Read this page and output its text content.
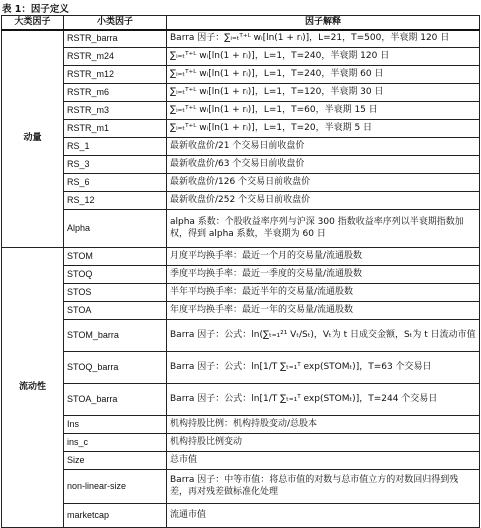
表 1：因子定义
大类因子	小类因子	因子解释
动量	RSTR_barra	Barra 因子：∑ᵢ₌ₜᵀ⁺ᴸ wᵢ[ln(1 + rᵢ)]，L=21，T=500，半衰期 120 日
	RSTR_m24	∑ᵢ₌ₜᵀ⁺ᴸ wᵢ[ln(1 + rᵢ)]，L=1，T=240，半衰期 120 日
	RSTR_m12	∑ᵢ₌ₜᵀ⁺ᴸ wᵢ[ln(1 + rᵢ)]，L=1，T=240，半衰期 60 日
	RSTR_m6	∑ᵢ₌ₜᵀ⁺ᴸ wᵢ[ln(1 + rᵢ)]，L=1，T=120，半衰期 30 日
	RSTR_m3	∑ᵢ₌ₜᵀ⁺ᴸ wᵢ[ln(1 + rᵢ)]，L=1，T=60，半衰期 15 日
	RSTR_m1	∑ᵢ₌ₜᵀ⁺ᴸ wᵢ[ln(1 + rᵢ)]，L=1，T=20，半衰期 5 日
	RS_1	最新收盘价/21 个交易日前收盘价
	RS_3	最新收盘价/63 个交易日前收盘价
	RS_6	最新收盘价/126 个交易日前收盘价
	RS_12	最新收盘价/252 个交易日前收盘价
	Alpha	alpha 系数：个股收益率序列与沪深 300 指数收益率序列以半衰期指数加权，得到 alpha 系数，半衰期为 60 日
流动性	STOM	月度平均换手率：最近一个月的交易量/流通股数
	STOQ	季度平均换手率：最近一季度的交易量/流通股数
	STOS	半年平均换手率：最近半年的交易量/流通股数
	STOA	年度平均换手率：最近一年的交易量/流通股数
	STOM_barra	Barra 因子：公式：ln(∑ₜ₌₁²¹ Vₜ/Sₜ)，Vₜ为 t 日成交金额，Sₜ为 t 日流动市值
	STOQ_barra	Barra 因子：公式：ln[1/T ∑ₜ₌₁ᵀ exp(STOMₜ)]，T=63 个交易日
	STOA_barra	Barra 因子：公式：ln[1/T ∑ₜ₌₁ᵀ exp(STOMₜ)]，T=244 个交易日
	Ins	机构持股比例：机构持股变动/总股本
	ins_c	机构持股比例变动
	Size	总市值
	non-linear-size	Barra 因子：中等市值：将总市值的对数与总市值立方的对数回归得到残差，再对残差做标准化处理
	marketcap	流通市值
